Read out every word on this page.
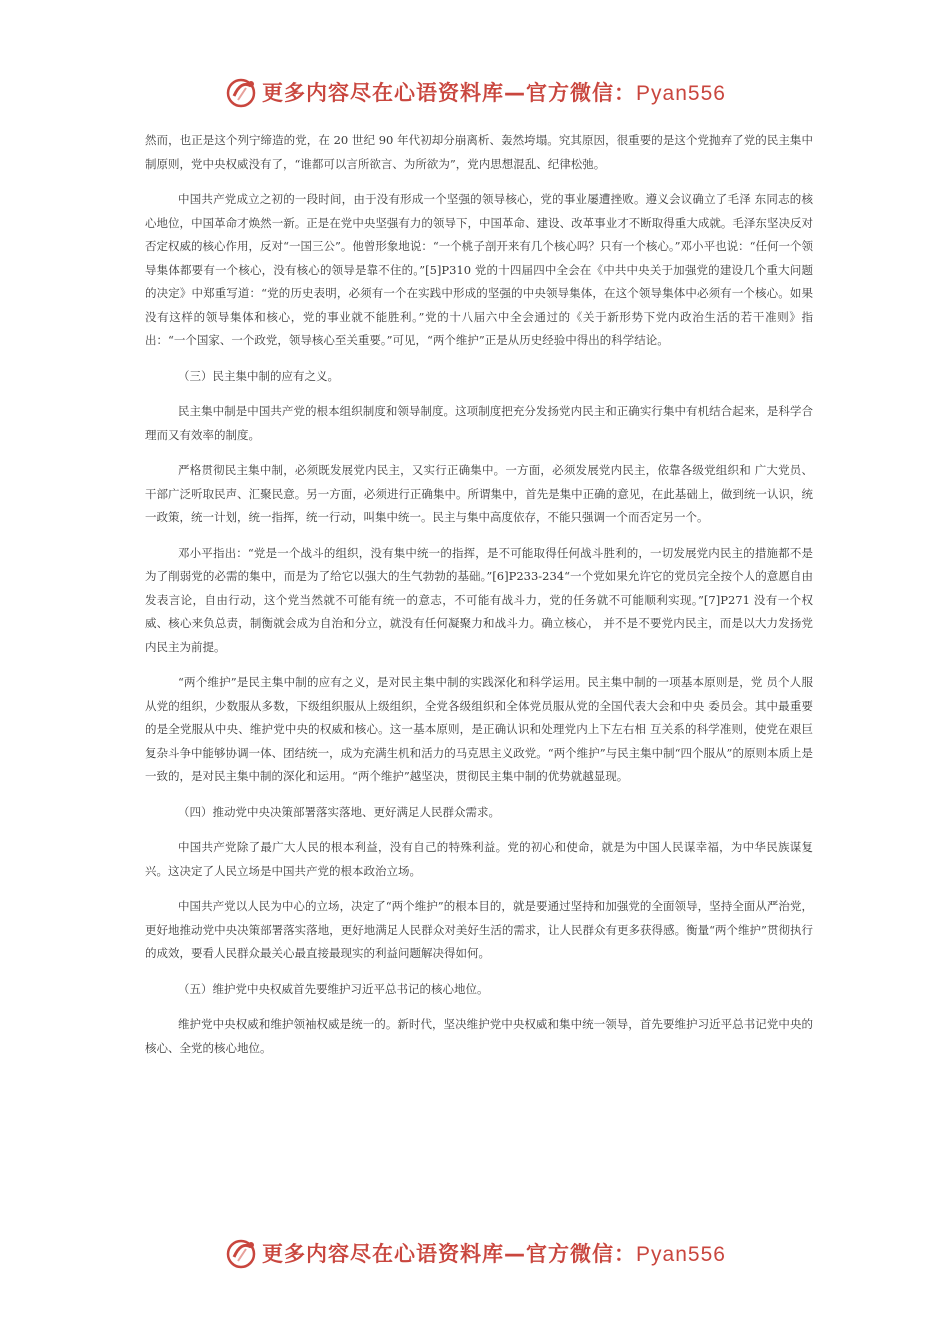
更多内容尽在心语资料库—官方微信：Pyan556

然而，也正是这个列宁缔造的党，在 20 世纪 90 年代初却分崩离析、轰然垮塌。究其原因，很重要的是这个党抛弃了党的民主集中制原则，党中央权威没有了，“谁都可以言所欲言、为所欲为”，党内思想混乱、纪律松弛。

中国共产党成立之初的一段时间，由于没有形成一个坚强的领导核心，党的事业屡遭挫败。遵义会议确立了毛泽 东同志的核心地位，中国革命才焕然一新。正是在党中央坚强有力的领导下，中国革命、建设、改革事业才不断取得重大成就。毛泽东坚决反对否定权威的核心作用，反对“一国三公”。他曾形象地说：“一个桃子剖开来有几个核心吗？只有一个核心。”邓小平也说：“任何一个领导集体都要有一个核心，没有核心的领导是靠不住的。”[5]P310 党的十四届四中全会在《中共中央关于加强党的建设几个重大问题的决定》中郑重写道：“党的历史表明，必须有一个在实践中形成的坚强的中央领导集体，在这个领导集体中必须有一个核心。如果没有这样的领导集体和核心，党的事业就不能胜利。”党的十八届六中全会通过的《关于新形势下党内政治生活的若干准则》指出：“一个国家、一个政党，领导核心至关重要。”可见，“两个维护”正是从历史经验中得出的科学结论。

（三）民主集中制的应有之义。

民主集中制是中国共产党的根本组织制度和领导制度。这项制度把充分发扬党内民主和正确实行集中有机结合起来，是科学合理而又有效率的制度。

严格贯彻民主集中制，必须既发展党内民主，又实行正确集中。一方面，必须发展党内民主，依靠各级党组织和 广大党员、干部广泛听取民声、汇聚民意。另一方面，必须进行正确集中。所谓集中，首先是集中正确的意见，在此基础上，做到统一认识，统一政策，统一计划，统一指挥，统一行动，叫集中统一。民主与集中高度依存，不能只强调一个而否定另一个。

邓小平指出：“党是一个战斗的组织，没有集中统一的指挥，是不可能取得任何战斗胜利的，一切发展党内民主的措施都不是为了削弱党的必需的集中，而是为了给它以强大的生气勃勃的基础。”[6]P233-234“一个党如果允许它的党员完全按个人的意愿自由发表言论，自由行动，这个党当然就不可能有统一的意志，不可能有战斗力，党的任务就不可能顺利实现。”[7]P271 没有一个权威、核心来负总责，制衡就会成为自治和分立，就没有任何凝聚力和战斗力。确立核心， 并不是不要党内民主，而是以大力发扬党内民主为前提。

“两个维护”是民主集中制的应有之义，是对民主集中制的实践深化和科学运用。民主集中制的一项基本原则是，党 员个人服从党的组织，少数服从多数，下级组织服从上级组织，全党各级组织和全体党员服从党的全国代表大会和中央 委员会。其中最重要的是全党服从中央、维护党中央的权威和核心。这一基本原则，是正确认识和处理党内上下左右相 互关系的科学准则，使党在艰巨复杂斗争中能够协调一体、团结统一，成为充满生机和活力的马克思主义政党。“两个维护”与民主集中制“四个服从”的原则本质上是一致的，是对民主集中制的深化和运用。“两个维护”越坚决，贯彻民主集中制的优势就越显现。

（四）推动党中央决策部署落实落地、更好满足人民群众需求。

中国共产党除了最广大人民的根本利益，没有自己的特殊利益。党的初心和使命，就是为中国人民谋幸福，为中华民族谋复兴。这决定了人民立场是中国共产党的根本政治立场。

中国共产党以人民为中心的立场，决定了“两个维护”的根本目的，就是要通过坚持和加强党的全面领导，坚持全面从严治党，更好地推动党中央决策部署落实落地，更好地满足人民群众对美好生活的需求，让人民群众有更多获得感。衡量“两个维护”贯彻执行的成效，要看人民群众最关心最直接最现实的利益问题解决得如何。

（五）维护党中央权威首先要维护习近平总书记的核心地位。

维护党中央权威和维护领袖权威是统一的。新时代，坚决维护党中央权威和集中统一领导，首先要维护习近平总书记党中央的核心、全党的核心地位。

更多内容尽在心语资料库—官方微信：Pyan556
